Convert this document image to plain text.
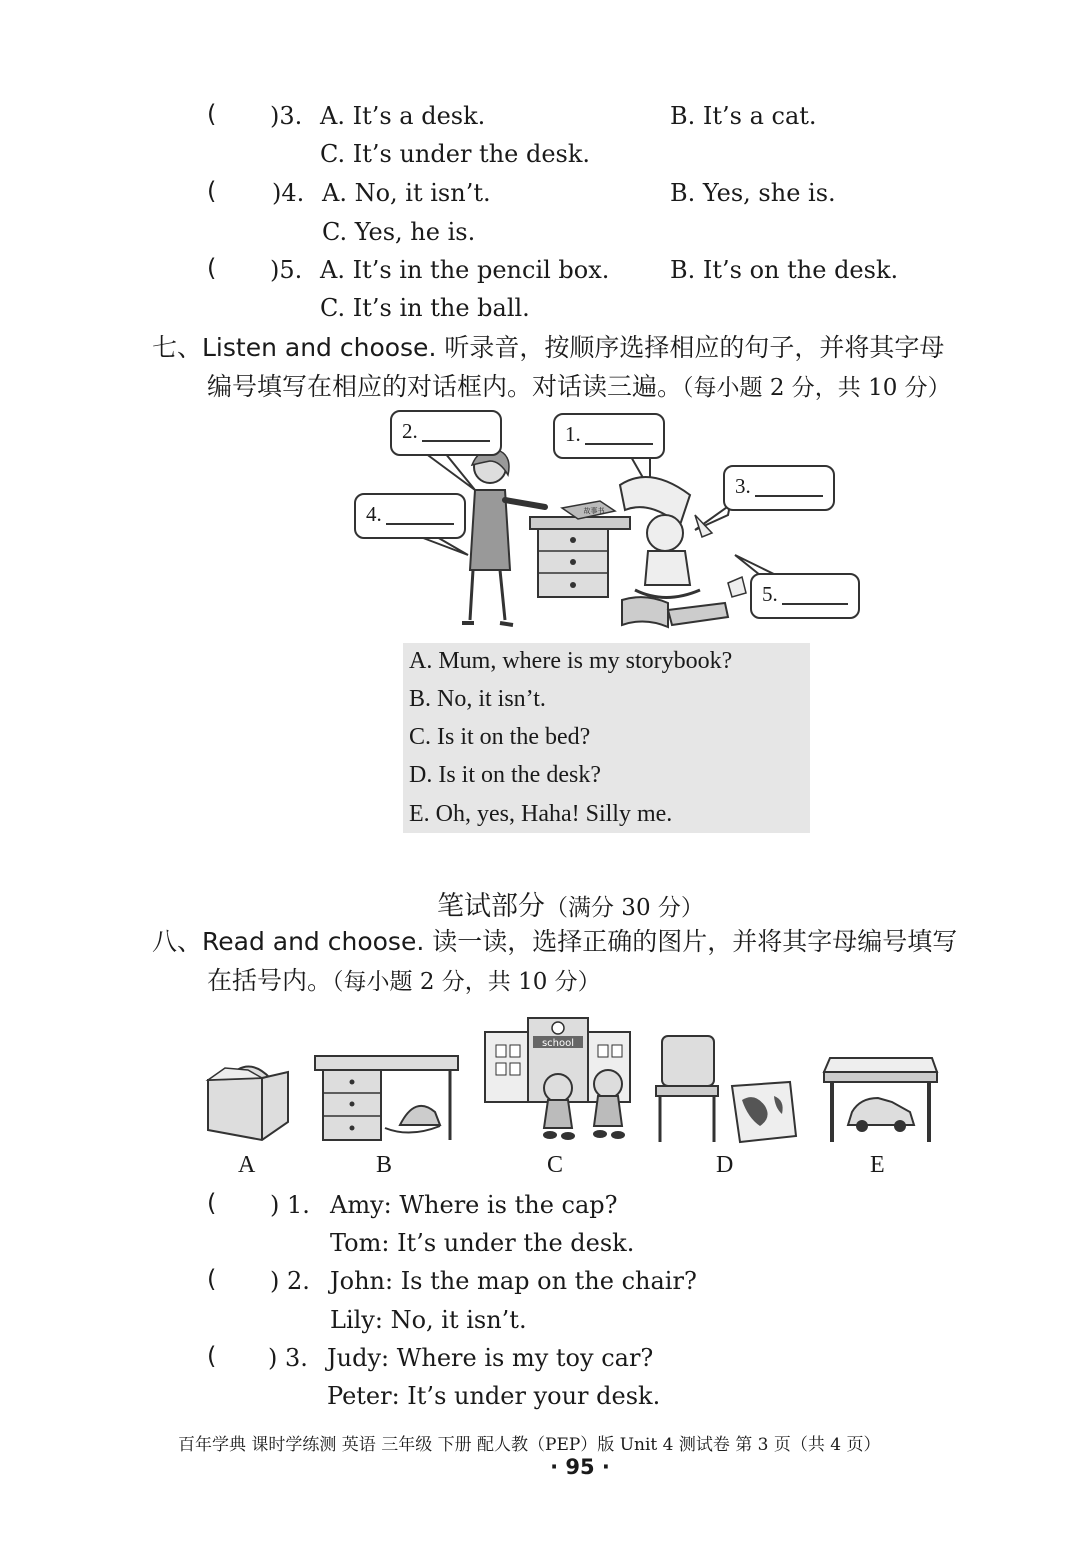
( )3. A. It’s a desk.	B. It’s a cat.
C. It’s under the desk.
( )4. A. No, it isn’t.	B. Yes, she is.
C. Yes, he is.
( )5. A. It’s in the pencil box.	B. It’s on the desk.
C. It’s in the ball.
七、Listen and choose. 听录音，按顺序选择相应的句子，并将其字母
编号填写在相应的对话框内。对话读三遍。（每小题 2 分，共 10 分）
故事书
2.	1.
3.
4.
5.
A. Mum, where is my storybook?
B. No, it isn’t.
C. Is it on the bed?
D. Is it on the desk?
E. Oh, yes, Haha! Silly me.
笔试部分（满分 30 分）
八、Read and choose. 读一读，选择正确的图片，并将其字母编号填写
在括号内。（每小题 2 分，共 10 分）
school
A	B	C	D	E
( ) 1. Amy: Where is the cap?
Tom: It’s under the desk.
( ) 2. John: Is the map on the chair?
Lily: No, it isn’t.
( ) 3. Judy: Where is my toy car?
Peter: It’s under your desk.
百年学典 课时学练测 英语 三年级 下册 配人教（PEP）版 Unit 4 测试卷 第 3 页（共 4 页）
· 95 ·
